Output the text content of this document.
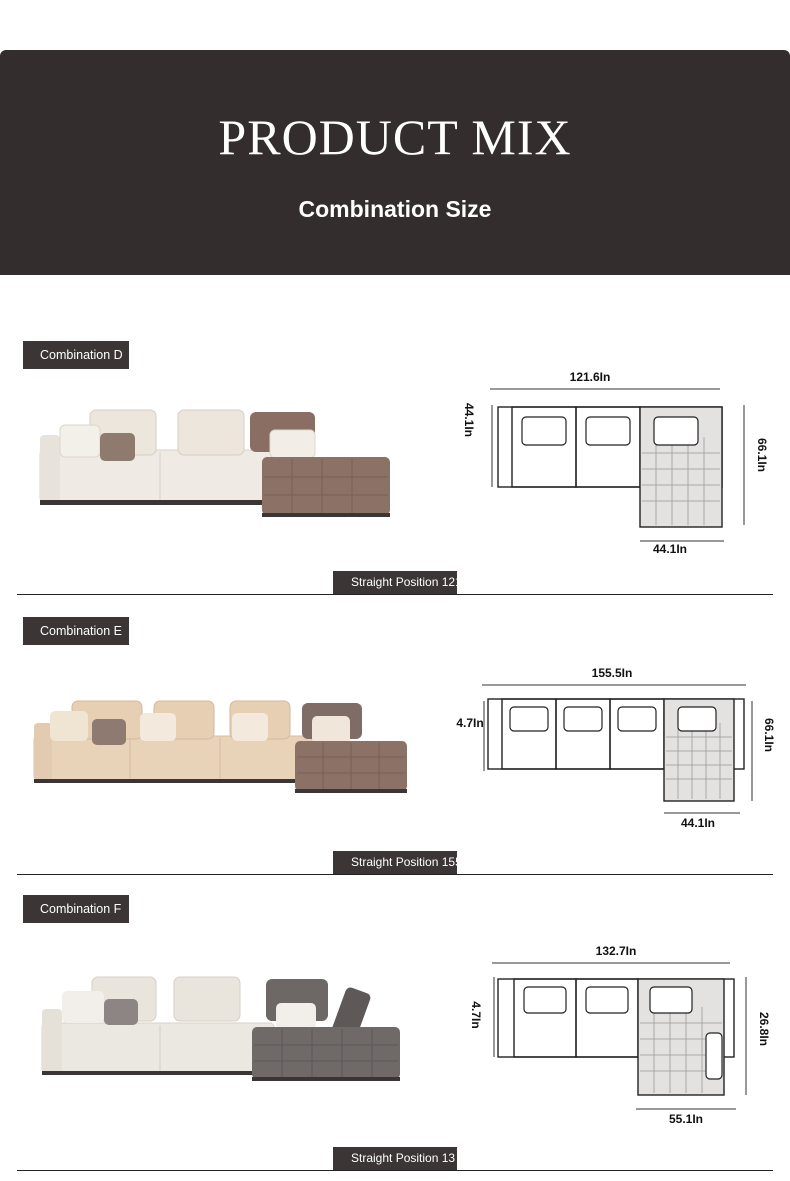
PRODUCT MIX
Combination Size
Combination D
121.6In
44.1In
66.1In
44.1In
Straight Position 121.6In
Combination E
155.5In
4.7In	66.1In
44.1In
Straight Position 155
Combination F
132.7In
4.7In	26.8In
55.1In
Straight Position 13
